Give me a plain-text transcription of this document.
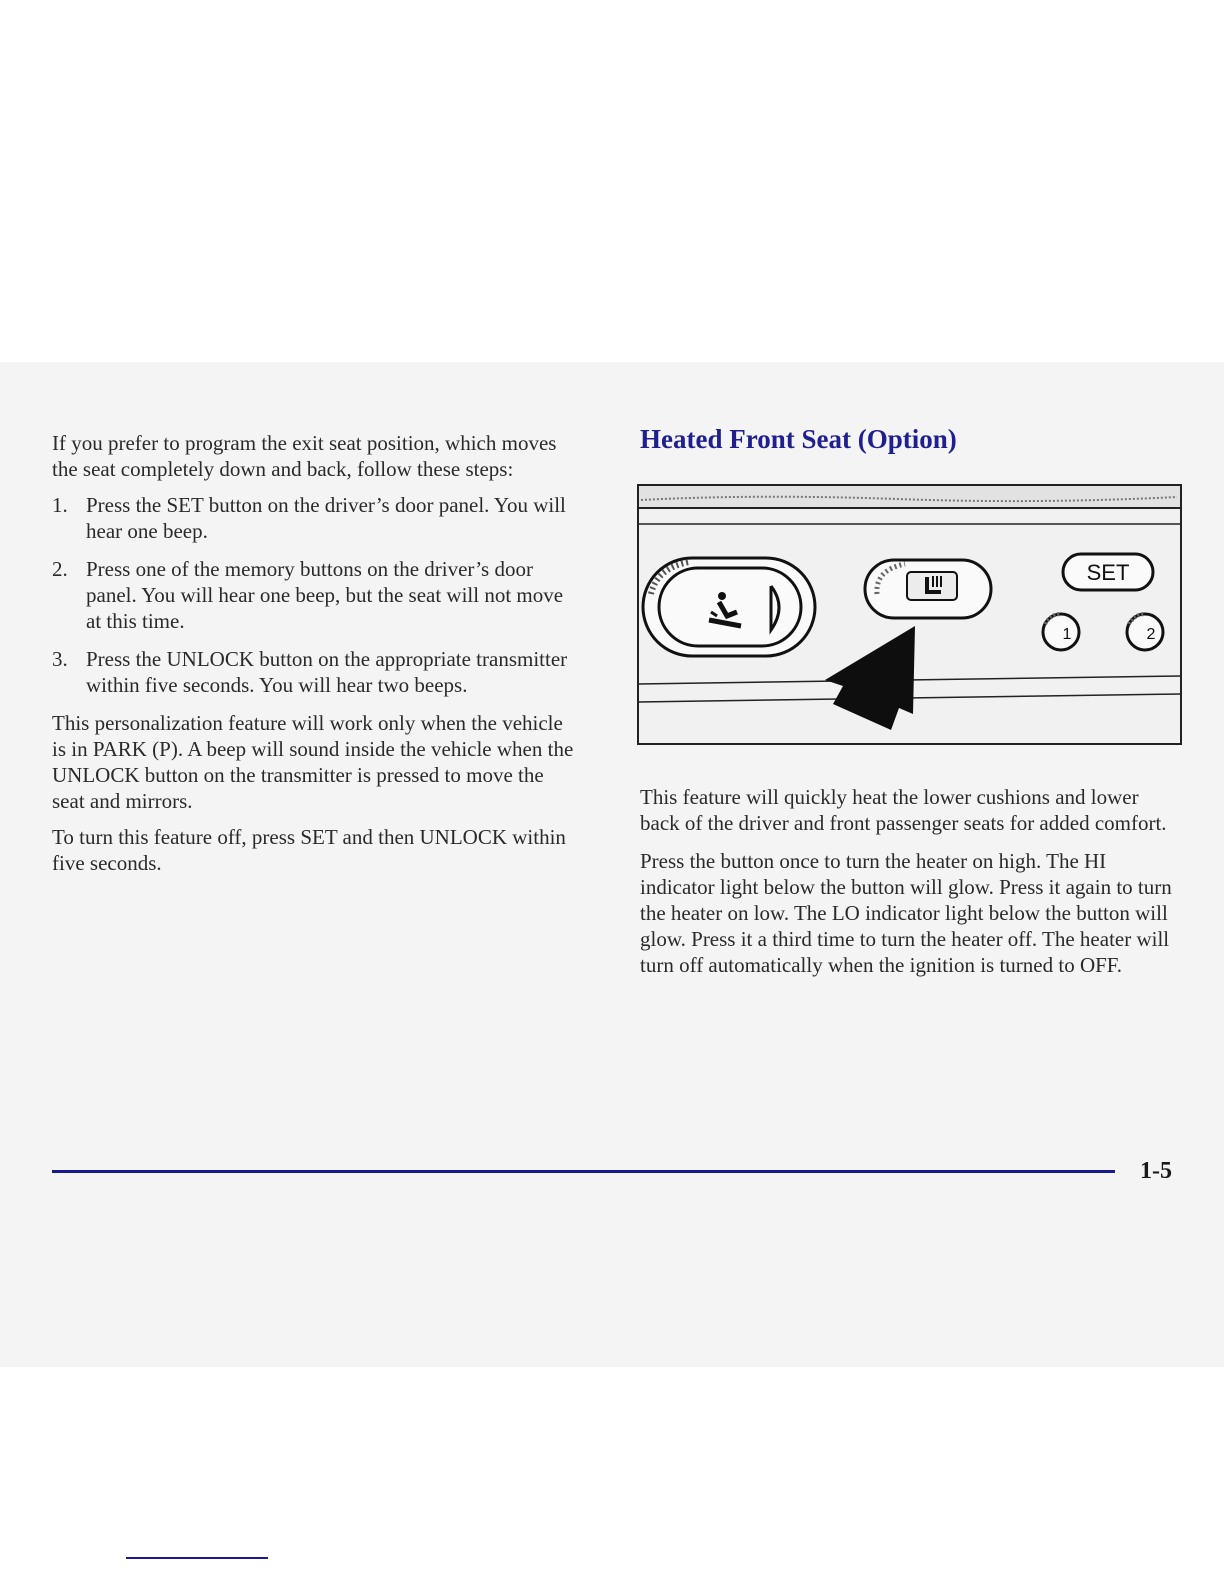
If you prefer to program the exit seat position, which moves the seat completely down and back, follow these steps:

1. Press the SET button on the driver’s door panel. You will hear one beep.
2. Press one of the memory buttons on the driver’s door panel. You will hear one beep, but the seat will not move at this time.
3. Press the UNLOCK button on the appropriate transmitter within five seconds. You will hear two beeps.

This personalization feature will work only when the vehicle is in PARK (P). A beep will sound inside the vehicle when the UNLOCK button on the transmitter is pressed to move the seat and mirrors.

To turn this feature off, press SET and then UNLOCK within five seconds.

Heated Front Seat (Option)
SET
1	2

This feature will quickly heat the lower cushions and lower back of the driver and front passenger seats for added comfort.

Press the button once to turn the heater on high. The HI indicator light below the button will glow. Press it again to turn the heater on low. The LO indicator light below the button will glow. Press it a third time to turn the heater off. The heater will turn off automatically when the ignition is turned to OFF.

1-5
